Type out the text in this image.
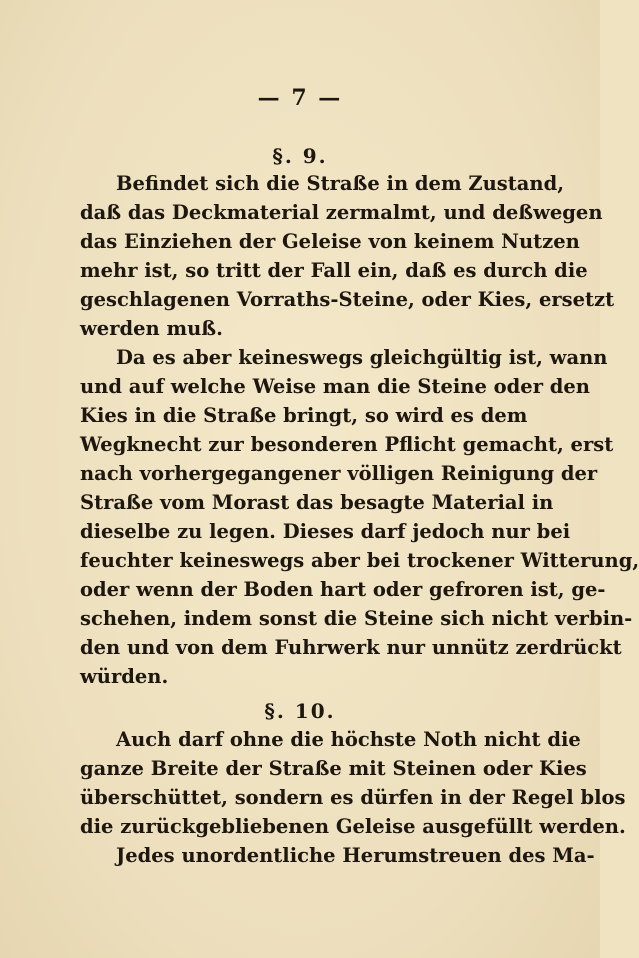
— 7 —
§. 9.
Befindet sich die Straße in dem Zustand,
daß das Deckmaterial zermalmt, und deßwegen
das Einziehen der Geleise von keinem Nutzen
mehr ist, so tritt der Fall ein, daß es durch die
geschlagenen Vorraths-Steine, oder Kies, ersetzt
werden muß.
Da es aber keineswegs gleichgültig ist, wann
und auf welche Weise man die Steine oder den
Kies in die Straße bringt, so wird es dem
Wegknecht zur besonderen Pflicht gemacht, erst
nach vorhergegangener völligen Reinigung der
Straße vom Morast das besagte Material in
dieselbe zu legen. Dieses darf jedoch nur bei
feuchter keineswegs aber bei trockener Witterung,
oder wenn der Boden hart oder gefroren ist, ge-
schehen, indem sonst die Steine sich nicht verbin-
den und von dem Fuhrwerk nur unnütz zerdrückt
würden.
§. 10.
Auch darf ohne die höchste Noth nicht die
ganze Breite der Straße mit Steinen oder Kies
überschüttet, sondern es dürfen in der Regel blos
die zurückgebliebenen Geleise ausgefüllt werden.
Jedes unordentliche Herumstreuen des Ma-
